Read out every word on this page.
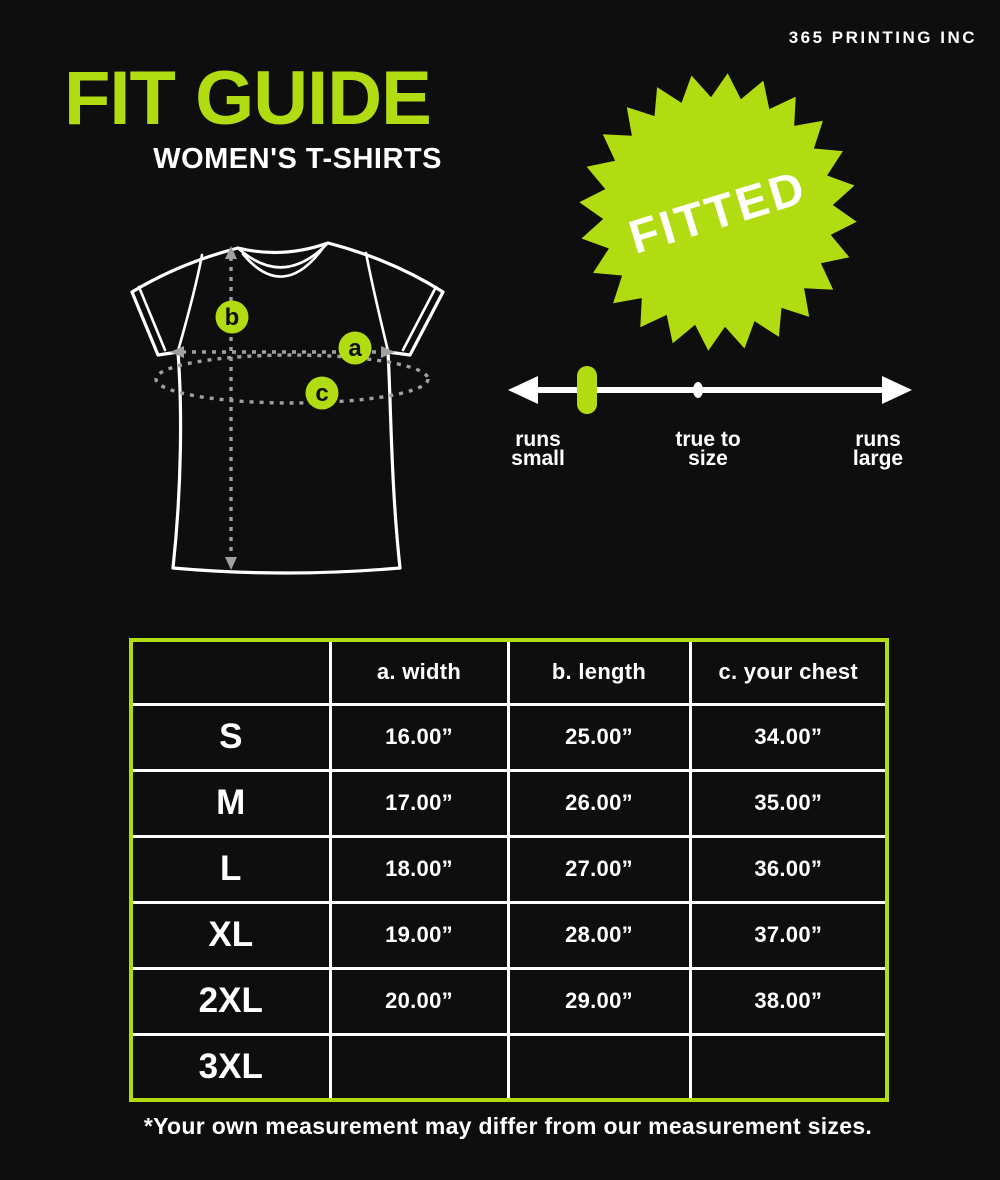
365 PRINTING INC
FIT GUIDE
WOMEN'S T-SHIRTS
b
a
c
FITTED
runs
small
true to
size
runs
large
	a. width	b. length	c. your chest
S	16.00”	25.00”	34.00”
M	17.00”	26.00”	35.00”
L	18.00”	27.00”	36.00”
XL	19.00”	28.00”	37.00”
2XL	20.00”	29.00”	38.00”
3XL			
*Your own measurement may differ from our measurement sizes.
